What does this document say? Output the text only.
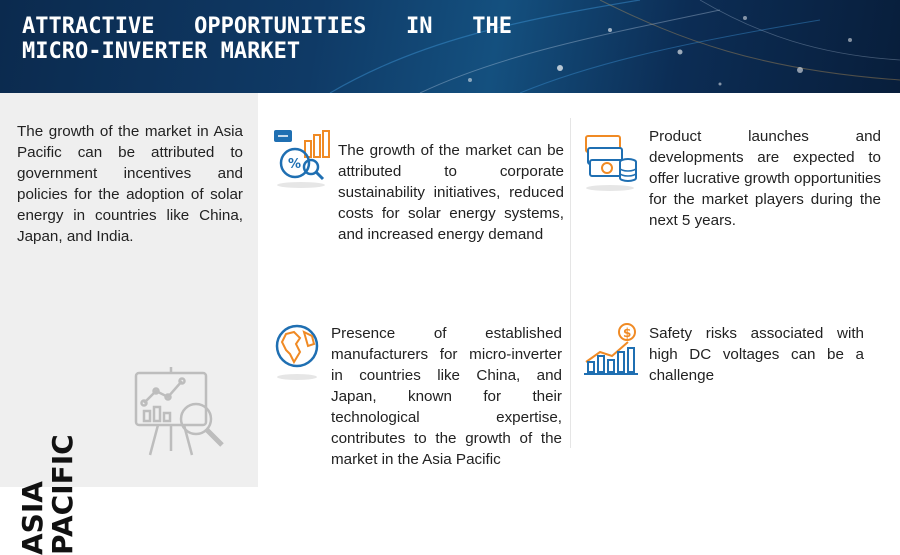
ATTRACTIVE OPPORTUNITIES IN THE MICRO-INVERTER MARKET
The growth of the market in Asia Pacific can be attributed to government incentives and policies for the adoption of solar energy in countries like China, Japan, and India.
ASIA
PACIFIC
%
The growth of the market can be attributed to corporate sustainability initiatives, reduced costs for solar energy systems, and increased energy demand
Product launches and developments are expected to offer lucrative growth opportunities for the market players during the next 5 years.
Presence of established manufacturers for micro-inverter in countries like China, and Japan, known for their technological expertise, contributes to the growth of the market in the Asia Pacific
$ Safety risks associated with high DC voltages can be a challenge
